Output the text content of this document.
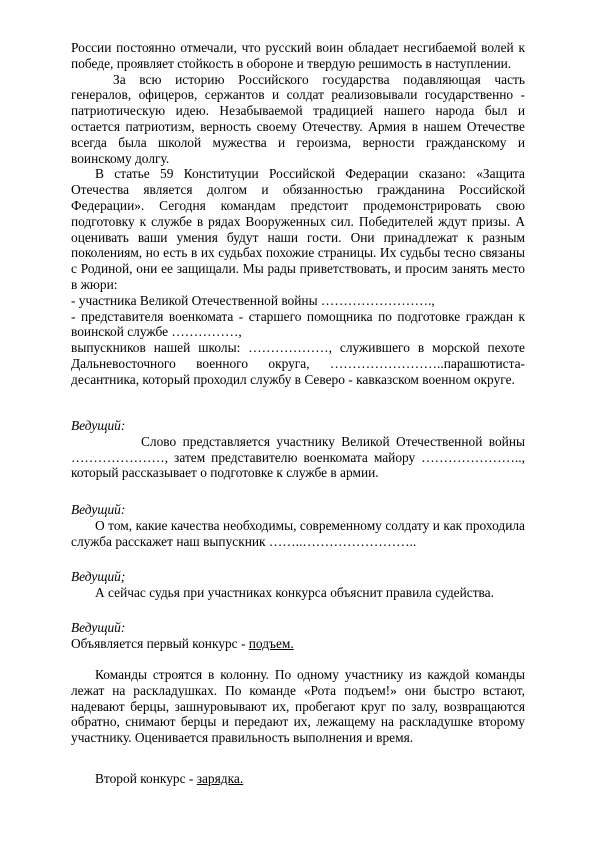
России постоянно отмечали, что русский воин обладает несгибаемой волей к победе, проявляет стойкость в обороне и твердую решимость в наступлении.

За всю историю Российского государства подавляющая часть генералов, офицеров, сержантов и солдат реализовывали государственно - патриотическую идею. Незабываемой традицией нашего народа был и остается патриотизм, верность своему Отечеству. Армия в нашем Отечестве всегда была школой мужества и героизма, верности гражданскому и воинскому долгу.

В статье 59 Конституции Российской Федерации сказано: «Защита Отечества является долгом и обязанностью гражданина Российской Федерации». Сегодня командам предстоит продемонстрировать свою подготовку к службе в рядах Вооруженных сил. Победителей ждут призы. А оценивать ваши умения будут наши гости. Они принадлежат к разным поколениям, но есть в их судьбах похожие страницы. Их судьбы тесно связаны с Родиной, они ее защищали. Мы рады приветствовать, и просим занять место в жюри:

- участника Великой Отечественной войны …………………….,

- представителя военкомата - старшего помощника по подготовке граждан к воинской службе ……………,

выпускников нашей школы: ………………, служившего в морской пехоте Дальневосточного военного округа, ……………………..парашютиста-десантника, который проходил службу в Северо - кавказском военном округе.

Ведущий:

Слово представляется участнику Великой Отечественной войны …………………, затем представителю военкомата майору ………………….., который рассказывает о подготовке к службе в армии.

Ведущий:

О том, какие качества необходимы, современному солдату и как проходила служба расскажет наш выпускник ……..……………………..

Ведущий;

А сейчас судья при участниках конкурса объяснит правила судейства.

Ведущий:

Объявляется первый конкурс - подъем.

Команды строятся в колонну. По одному участнику из каждой команды лежат на раскладушках. По команде «Рота подъем!» они быстро встают, надевают берцы, зашнуровывают их, пробегают круг по залу, возвращаются обратно, снимают берцы и передают их, лежащему на раскладушке второму участнику. Оценивается правильность выполнения и время.

Второй конкурс - зарядка.
